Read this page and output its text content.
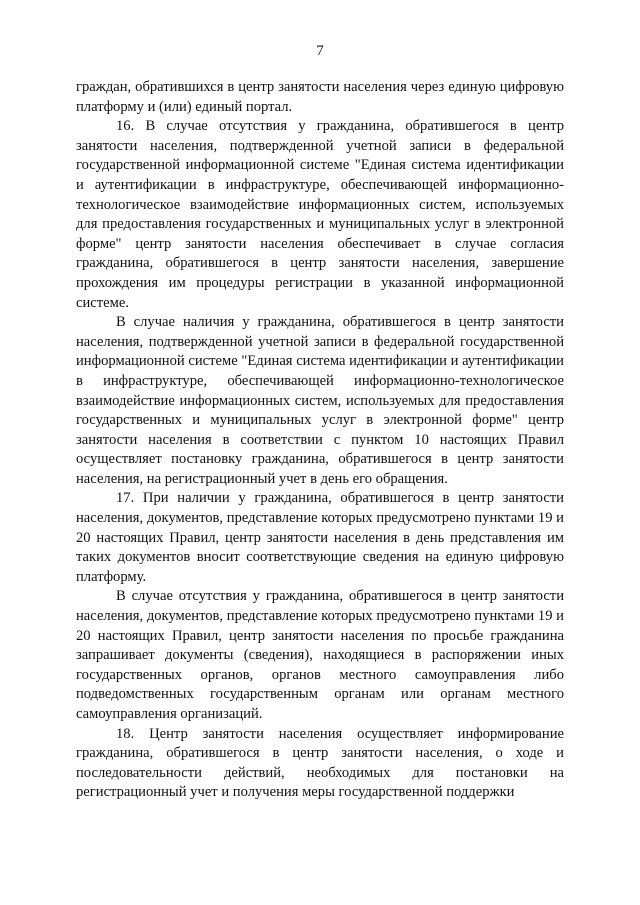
7

граждан, обратившихся в центр занятости населения через единую цифровую платформу и (или) единый портал.

16. В случае отсутствия у гражданина, обратившегося в центр занятости населения, подтвержденной учетной записи в федеральной государственной информационной системе "Единая система идентификации и аутентификации в инфраструктуре, обеспечивающей информационно-технологическое взаимодействие информационных систем, используемых для предоставления государственных и муниципальных услуг в электронной форме" центр занятости населения обеспечивает в случае согласия гражданина, обратившегося в центр занятости населения, завершение прохождения им процедуры регистрации в указанной информационной системе.

В случае наличия у гражданина, обратившегося в центр занятости населения, подтвержденной учетной записи в федеральной государственной информационной системе "Единая система идентификации и аутентификации в инфраструктуре, обеспечивающей информационно-технологическое взаимодействие информационных систем, используемых для предоставления государственных и муниципальных услуг в электронной форме" центр занятости населения в соответствии с пунктом 10 настоящих Правил осуществляет постановку гражданина, обратившегося в центр занятости населения, на регистрационный учет в день его обращения.

17. При наличии у гражданина, обратившегося в центр занятости населения, документов, представление которых предусмотрено пунктами 19 и 20 настоящих Правил, центр занятости населения в день представления им таких документов вносит соответствующие сведения на единую цифровую платформу.

В случае отсутствия у гражданина, обратившегося в центр занятости населения, документов, представление которых предусмотрено пунктами 19 и 20 настоящих Правил, центр занятости населения по просьбе гражданина запрашивает документы (сведения), находящиеся в распоряжении иных государственных органов, органов местного самоуправления либо подведомственных государственным органам или органам местного самоуправления организаций.

18. Центр занятости населения осуществляет информирование гражданина, обратившегося в центр занятости населения, о ходе и последовательности действий, необходимых для постановки на регистрационный учет и получения меры государственной поддержки
